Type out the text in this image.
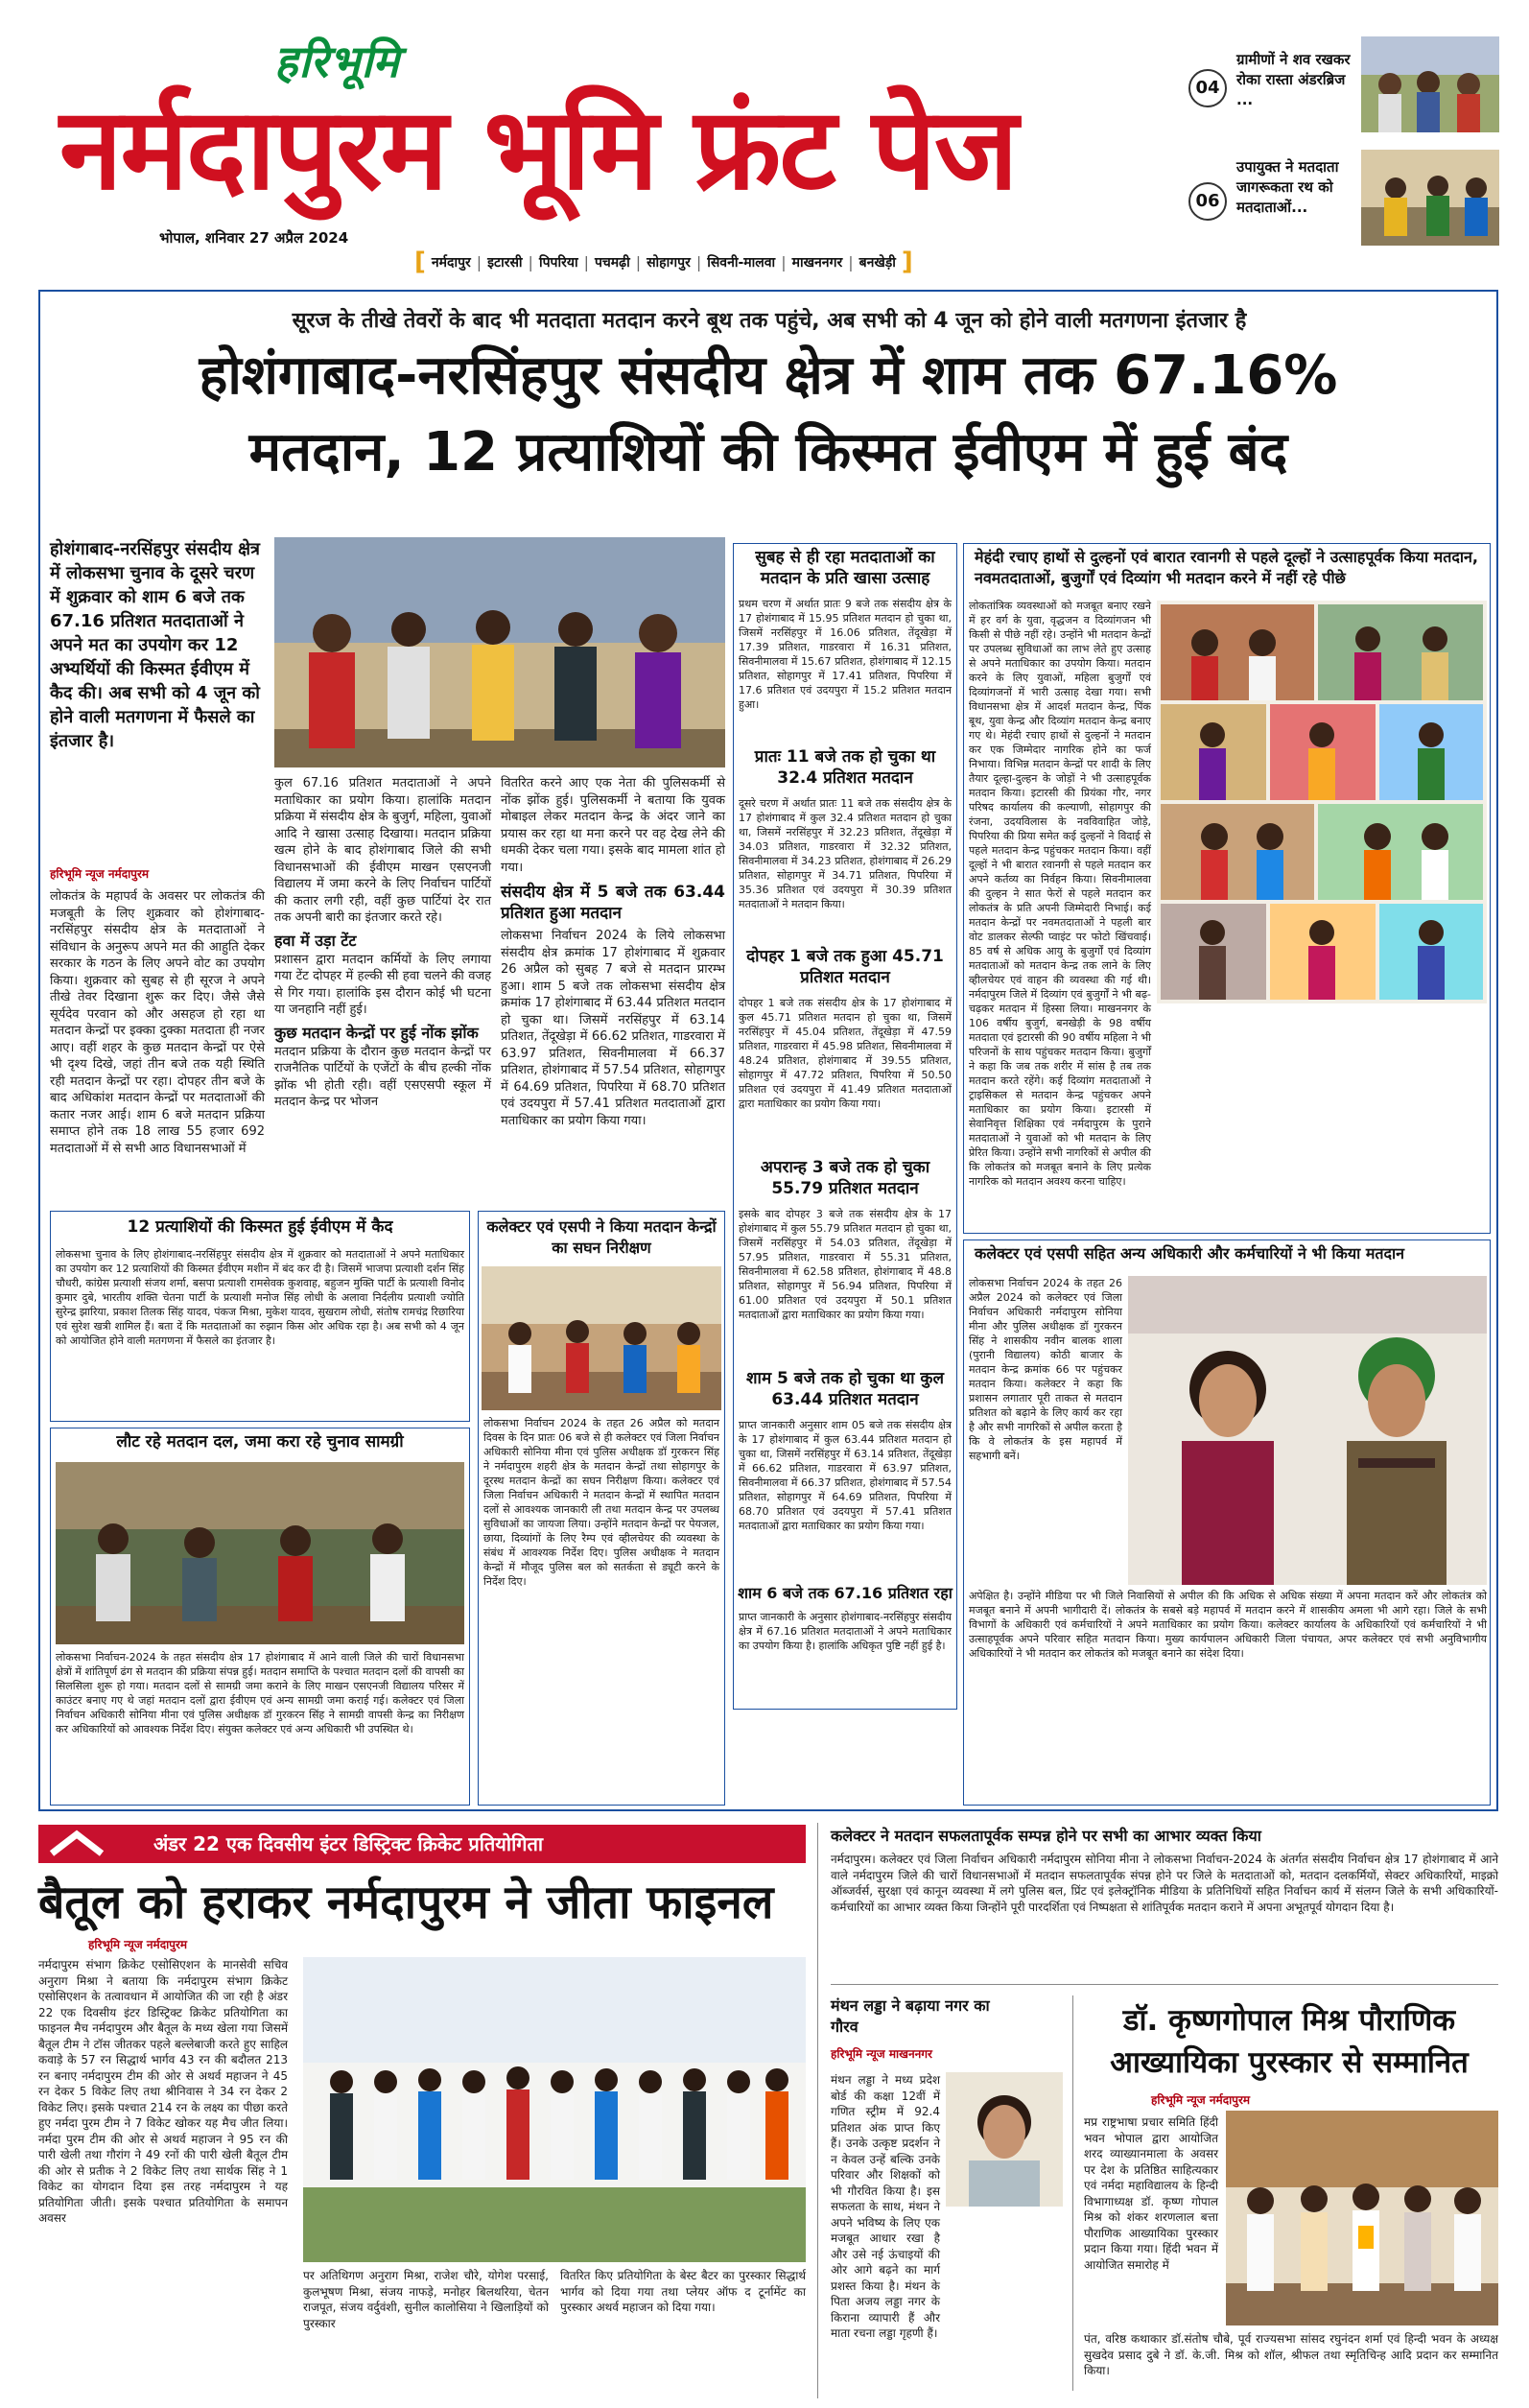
हरिभूमि
नर्मदापुरम भूमि फ्रंट पेज
भोपाल, शनिवार 27 अप्रैल 2024
04
ग्रामीणों ने शव रखकर रोका रास्ता अंडरब्रिज ...
06
उपायुक्त ने मतदाता जागरूकता रथ को मतदाताओं...
[ नर्मदापुर | इटारसी | पिपरिया | पचमढ़ी | सोहागपुर | सिवनी-मालवा | माखननगर | बनखेड़ी ]
सूरज के तीखे तेवरों के बाद भी मतदाता मतदान करने बूथ तक पहुंचे, अब सभी को 4 जून को होने वाली मतगणना इंतजार है
होशंगाबाद-नरसिंहपुर संसदीय क्षेत्र में शाम तक 67.16%
मतदान, 12 प्रत्याशियों की किस्मत ईवीएम में हुई बंद
होशंगाबाद-नरसिंहपुर संसदीय क्षेत्र में लोकसभा चुनाव के दूसरे चरण में शुक्रवार को शाम 6 बजे तक 67.16 प्रतिशत मतदाताओं ने अपने मत का उपयोग कर 12 अभ्यर्थियों की किस्मत ईवीएम में कैद की। अब सभी को 4 जून को होने वाली मतगणना में फैसले का इंतजार है।
हरिभूमि न्यूज नर्मदापुरम
लोकतंत्र के महापर्व के अवसर पर लोकतंत्र की मजबूती के लिए शुक्रवार को होशंगाबाद-नरसिंहपुर संसदीय क्षेत्र के मतदाताओं ने संविधान के अनुरूप अपने मत की आहुति देकर सरकार के गठन के लिए अपने वोट का उपयोग किया। शुक्रवार को सुबह से ही सूरज ने अपने तीखे तेवर दिखाना शुरू कर दिए। जैसे जैसे सूर्यदेव परवान को और असहज हो रहा था मतदान केन्द्रों पर इक्का दुक्का मतदाता ही नजर आए। वहीं शहर के कुछ मतदान केन्द्रों पर ऐसे भी दृश्य दिखे, जहां तीन बजे तक यही स्थिति रही मतदान केन्द्रों पर रहा। दोपहर तीन बजे के बाद अधिकांश मतदान केन्द्रों पर मतदाताओं की कतार नजर आई। शाम 6 बजे मतदान प्रक्रिया समाप्त होने तक 18 लाख 55 हजार 692 मतदाताओं में से सभी आठ विधानसभाओं में
कुल 67.16 प्रतिशत मतदाताओं ने अपने मताधिकार का प्रयोग किया। हालांकि मतदान प्रक्रिया में संसदीय क्षेत्र के बुजुर्ग, महिला, युवाओं आदि ने खासा उत्साह दिखाया। मतदान प्रक्रिया खत्म होने के बाद होशंगाबाद जिले की सभी विधानसभाओं की ईवीएम माखन एसएनजी विद्यालय में जमा करने के लिए निर्वाचन पार्टियों की कतार लगी रही, वहीं कुछ पार्टियां देर रात तक अपनी बारी का इंतजार करते रहे।
हवा में उड़ा टेंट
प्रशासन द्वारा मतदान कर्मियों के लिए लगाया गया टेंट दोपहर में हल्की सी हवा चलने की वजह से गिर गया। हालांकि इस दौरान कोई भी घटना या जनहानि नहीं हुई।
कुछ मतदान केन्द्रों पर हुई नोंक झोंक
मतदान प्रक्रिया के दौरान कुछ मतदान केन्द्रों पर राजनैतिक पार्टियों के एजेंटों के बीच हल्की नोंक झोंक भी होती रही। वहीं एसएसपी स्कूल में मतदान केन्द्र पर भोजन
वितरित करने आए एक नेता की पुलिसकर्मी से नोंक झोंक हुई। पुलिसकर्मी ने बताया कि युवक मोबाइल लेकर मतदान केन्द्र के अंदर जाने का प्रयास कर रहा था मना करने पर वह देख लेने की धमकी देकर चला गया। इसके बाद मामला शांत हो गया।
संसदीय क्षेत्र में 5 बजे तक 63.44 प्रतिशत हुआ मतदान
लोकसभा निर्वाचन 2024 के लिये लोकसभा संसदीय क्षेत्र क्रमांक 17 होशंगाबाद में शुक्रवार 26 अप्रैल को सुबह 7 बजे से मतदान प्रारम्भ हुआ। शाम 5 बजे तक लोकसभा संसदीय क्षेत्र क्रमांक 17 होशंगाबाद में 63.44 प्रतिशत मतदान हो चुका था। जिसमें नरसिंहपुर में 63.14 प्रतिशत, तेंदूखेड़ा में 66.62 प्रतिशत, गाडरवारा में 63.97 प्रतिशत, सिवनीमालवा में 66.37 प्रतिशत, होशंगाबाद में 57.54 प्रतिशत, सोहागपुर में 64.69 प्रतिशत, पिपरिया में 68.70 प्रतिशत एवं उदयपुरा में 57.41 प्रतिशत मतदाताओं द्वारा मताधिकार का प्रयोग किया गया।
सुबह से ही रहा मतदाताओं का मतदान के प्रति खासा उत्साह
प्रथम चरण में अर्थात प्रातः 9 बजे तक संसदीय क्षेत्र के 17 होशंगाबाद में 15.95 प्रतिशत मतदान हो चुका था, जिसमें नरसिंहपुर में 16.06 प्रतिशत, तेंदूखेड़ा में 17.39 प्रतिशत, गाडरवारा में 16.31 प्रतिशत, सिवनीमालवा में 15.67 प्रतिशत, होशंगाबाद में 12.15 प्रतिशत, सोहागपुर में 17.41 प्रतिशत, पिपरिया में 17.6 प्रतिशत एवं उदयपुरा में 15.2 प्रतिशत मतदान हुआ।
प्रातः 11 बजे तक हो चुका था 32.4 प्रतिशत मतदान
दूसरे चरण में अर्थात प्रातः 11 बजे तक संसदीय क्षेत्र के 17 होशंगाबाद में कुल 32.4 प्रतिशत मतदान हो चुका था, जिसमें नरसिंहपुर में 32.23 प्रतिशत, तेंदूखेड़ा में 34.03 प्रतिशत, गाडरवारा में 32.32 प्रतिशत, सिवनीमालवा में 34.23 प्रतिशत, होशंगाबाद में 26.29 प्रतिशत, सोहागपुर में 34.71 प्रतिशत, पिपरिया में 35.36 प्रतिशत एवं उदयपुरा में 30.39 प्रतिशत मतदाताओं ने मतदान किया।
दोपहर 1 बजे तक हुआ 45.71 प्रतिशत मतदान
दोपहर 1 बजे तक संसदीय क्षेत्र के 17 होशंगाबाद में कुल 45.71 प्रतिशत मतदान हो चुका था, जिसमें नरसिंहपुर में 45.04 प्रतिशत, तेंदूखेड़ा में 47.59 प्रतिशत, गाडरवारा में 45.98 प्रतिशत, सिवनीमालवा में 48.24 प्रतिशत, होशंगाबाद में 39.55 प्रतिशत, सोहागपुर में 47.72 प्रतिशत, पिपरिया में 50.50 प्रतिशत एवं उदयपुरा में 41.49 प्रतिशत मतदाताओं द्वारा मताधिकार का प्रयोग किया गया।
अपरान्ह 3 बजे तक हो चुका 55.79 प्रतिशत मतदान
इसके बाद दोपहर 3 बजे तक संसदीय क्षेत्र के 17 होशंगाबाद में कुल 55.79 प्रतिशत मतदान हो चुका था, जिसमें नरसिंहपुर में 54.03 प्रतिशत, तेंदूखेड़ा में 57.95 प्रतिशत, गाडरवारा में 55.31 प्रतिशत, सिवनीमालवा में 62.58 प्रतिशत, होशंगाबाद में 48.8 प्रतिशत, सोहागपुर में 56.94 प्रतिशत, पिपरिया में 61.00 प्रतिशत एवं उदयपुरा में 50.1 प्रतिशत मतदाताओं द्वारा मताधिकार का प्रयोग किया गया।
शाम 5 बजे तक हो चुका था कुल 63.44 प्रतिशत मतदान
प्राप्त जानकारी अनुसार शाम 05 बजे तक संसदीय क्षेत्र के 17 होशंगाबाद में कुल 63.44 प्रतिशत मतदान हो चुका था, जिसमें नरसिंहपुर में 63.14 प्रतिशत, तेंदूखेड़ा में 66.62 प्रतिशत, गाडरवारा में 63.97 प्रतिशत, सिवनीमालवा में 66.37 प्रतिशत, होशंगाबाद में 57.54 प्रतिशत, सोहागपुर में 64.69 प्रतिशत, पिपरिया में 68.70 प्रतिशत एवं उदयपुरा में 57.41 प्रतिशत मतदाताओं द्वारा मताधिकार का प्रयोग किया गया।
शाम 6 बजे तक 67.16 प्रतिशत रहा
प्राप्त जानकारी के अनुसार होशंगाबाद-नरसिंहपुर संसदीय क्षेत्र में 67.16 प्रतिशत मतदाताओं ने अपने मताधिकार का उपयोग किया है। हालांकि अधिकृत पुष्टि नहीं हुई है।
मेहंदी रचाए हाथों से दुल्हनों एवं बारात रवानगी से पहले दूल्हों ने उत्साहपूर्वक किया मतदान, नवमतदाताओं, बुजुर्गों एवं दिव्यांग भी मतदान करने में नहीं रहे पीछे
लोकतांत्रिक व्यवस्थाओं को मजबूत बनाए रखने में हर वर्ग के युवा, वृद्धजन व दिव्यांगजन भी किसी से पीछे नहीं रहे। उन्होंने भी मतदान केन्द्रों पर उपलब्ध सुविधाओं का लाभ लेते हुए उत्साह से अपने मताधिकार का उपयोग किया। मतदान करने के लिए युवाओं, महिला बुजुर्गों एवं दिव्यांगजनों में भारी उत्साह देखा गया। सभी विधानसभा क्षेत्र में आदर्श मतदान केन्द्र, पिंक बूथ, युवा केन्द्र और दिव्यांग मतदान केन्द्र बनाए गए थे। मेहंदी रचाए हाथों से दुल्हनों ने मतदान कर एक जिम्मेदार नागरिक होने का फर्ज निभाया। विभिन्न मतदान केन्द्रों पर शादी के लिए तैयार दूल्हा-दुल्हन के जोड़ों ने भी उत्साहपूर्वक मतदान किया। इटारसी की प्रियंका गौर, नगर परिषद कार्यालय की कल्याणी, सोहागपुर की रंजना, उदयविलास के नवविवाहित जोड़े, पिपरिया की प्रिया समेत कई दुल्हनों ने विदाई से पहले मतदान केन्द्र पहुंचकर मतदान किया। वहीं दूल्हों ने भी बारात रवानगी से पहले मतदान कर अपने कर्तव्य का निर्वहन किया। सिवनीमालवा की दुल्हन ने सात फेरों से पहले मतदान कर लोकतंत्र के प्रति अपनी जिम्मेदारी निभाई। कई मतदान केन्द्रों पर नवमतदाताओं ने पहली बार वोट डालकर सेल्फी प्वाइंट पर फोटो खिंचवाई। 85 वर्ष से अधिक आयु के बुजुर्गों एवं दिव्यांग मतदाताओं को मतदान केन्द्र तक लाने के लिए व्हीलचेयर एवं वाहन की व्यवस्था की गई थी। नर्मदापुरम जिले में दिव्यांग एवं बुजुर्गों ने भी बढ़-चढ़कर मतदान में हिस्सा लिया। माखननगर के 106 वर्षीय बुजुर्ग, बनखेड़ी के 98 वर्षीय मतदाता एवं इटारसी की 90 वर्षीय महिला ने भी परिजनों के साथ पहुंचकर मतदान किया। बुजुर्गों ने कहा कि जब तक शरीर में सांस है तब तक मतदान करते रहेंगे। कई दिव्यांग मतदाताओं ने ट्राइसिकल से मतदान केन्द्र पहुंचकर अपने मताधिकार का प्रयोग किया। इटारसी में सेवानिवृत्त शिक्षिका एवं नर्मदापुरम के पुराने मतदाताओं ने युवाओं को भी मतदान के लिए प्रेरित किया। उन्होंने सभी नागरिकों से अपील की कि लोकतंत्र को मजबूत बनाने के लिए प्रत्येक नागरिक को मतदान अवश्य करना चाहिए।
कलेक्टर एवं एसपी सहित अन्य अधिकारी और कर्मचारियों ने भी किया मतदान
लोकसभा निर्वाचन 2024 के तहत 26 अप्रैल 2024 को कलेक्टर एवं जिला निर्वाचन अधिकारी नर्मदापुरम सोनिया मीना और पुलिस अधीक्षक डॉ गुरकरन सिंह ने शासकीय नवीन बालक शाला (पुरानी विद्यालय) कोठी बाजार के मतदान केन्द्र क्रमांक 66 पर पहुंचकर मतदान किया। कलेक्टर ने कहा कि प्रशासन लगातार पूरी ताकत से मतदान प्रतिशत को बढ़ाने के लिए कार्य कर रहा है और सभी नागरिकों से अपील करता है कि वे लोकतंत्र के इस महापर्व में सहभागी बनें।
अपेक्षित है। उन्होंने मीडिया पर भी जिले निवासियों से अपील की कि अधिक से अधिक संख्या में अपना मतदान करें और लोकतंत्र को मजबूत बनाने में अपनी भागीदारी दें। लोकतंत्र के सबसे बड़े महापर्व में मतदान करने में शासकीय अमला भी आगे रहा। जिले के सभी विभागों के अधिकारी एवं कर्मचारियों ने अपने मताधिकार का प्रयोग किया। कलेक्टर कार्यालय के अधिकारियों एवं कर्मचारियों ने भी उत्साहपूर्वक अपने परिवार सहित मतदान किया। मुख्य कार्यपालन अधिकारी जिला पंचायत, अपर कलेक्टर एवं सभी अनुविभागीय अधिकारियों ने भी मतदान कर लोकतंत्र को मजबूत बनाने का संदेश दिया।
12 प्रत्याशियों की किस्मत हुई ईवीएम में कैद
लोकसभा चुनाव के लिए होशंगाबाद-नरसिंहपुर संसदीय क्षेत्र में शुक्रवार को मतदाताओं ने अपने मताधिकार का उपयोग कर 12 प्रत्याशियों की किस्मत ईवीएम मशीन में बंद कर दी है। जिसमें भाजपा प्रत्याशी दर्शन सिंह चौधरी, कांग्रेस प्रत्याशी संजय शर्मा, बसपा प्रत्याशी रामसेवक कुशवाह, बहुजन मुक्ति पार्टी के प्रत्याशी विनोद कुमार दुबे, भारतीय शक्ति चेतना पार्टी के प्रत्याशी मनोज सिंह लोधी के अलावा निर्दलीय प्रत्याशी ज्योति सुरेन्द्र झारिया, प्रकाश तिलक सिंह यादव, पंकज मिश्रा, मुकेश यादव, सुखराम लोधी, संतोष रामचंद्र रिछारिया एवं सुरेश खत्री शामिल हैं। बता दें कि मतदाताओं का रुझान किस ओर अधिक रहा है। अब सभी को 4 जून को आयोजित होने वाली मतगणना में फैसले का इंतजार है।
कलेक्टर एवं एसपी ने किया मतदान केन्द्रों का सघन निरीक्षण
लोकसभा निर्वाचन 2024 के तहत 26 अप्रैल को मतदान दिवस के दिन प्रातः 06 बजे से ही कलेक्टर एवं जिला निर्वाचन अधिकारी सोनिया मीना एवं पुलिस अधीक्षक डॉ गुरकरन सिंह ने नर्मदापुरम शहरी क्षेत्र के मतदान केन्द्रों तथा सोहागपुर के दूरस्थ मतदान केन्द्रों का सघन निरीक्षण किया। कलेक्टर एवं जिला निर्वाचन अधिकारी ने मतदान केन्द्रों में स्थापित मतदान दलों से आवश्यक जानकारी ली तथा मतदान केन्द्र पर उपलब्ध सुविधाओं का जायजा लिया। उन्होंने मतदान केन्द्रों पर पेयजल, छाया, दिव्यांगों के लिए रैम्प एवं व्हीलचेयर की व्यवस्था के संबंध में आवश्यक निर्देश दिए। पुलिस अधीक्षक ने मतदान केन्द्रों में मौजूद पुलिस बल को सतर्कता से ड्यूटी करने के निर्देश दिए।
लौट रहे मतदान दल, जमा करा रहे चुनाव सामग्री
लोकसभा निर्वाचन-2024 के तहत संसदीय क्षेत्र 17 होशंगाबाद में आने वाली जिले की चारों विधानसभा क्षेत्रों में शांतिपूर्ण ढंग से मतदान की प्रक्रिया संपन्न हुई। मतदान समाप्ति के पश्चात मतदान दलों की वापसी का सिलसिला शुरू हो गया। मतदान दलों से सामग्री जमा कराने के लिए माखन एसएनजी विद्यालय परिसर में काउंटर बनाए गए थे जहां मतदान दलों द्वारा ईवीएम एवं अन्य सामग्री जमा कराई गई। कलेक्टर एवं जिला निर्वाचन अधिकारी सोनिया मीना एवं पुलिस अधीक्षक डॉ गुरकरन सिंह ने सामग्री वापसी केन्द्र का निरीक्षण कर अधिकारियों को आवश्यक निर्देश दिए। संयुक्त कलेक्टर एवं अन्य अधिकारी भी उपस्थित थे।
अंडर 22 एक दिवसीय इंटर डिस्ट्रिक्ट क्रिकेट प्रतियोगिता
बैतूल को हराकर नर्मदापुरम ने जीता फाइनल
हरिभूमि न्यूज नर्मदापुरम
नर्मदापुरम संभाग क्रिकेट एसोसिएशन के मानसेवी सचिव अनुराग मिश्रा ने बताया कि नर्मदापुरम संभाग क्रिकेट एसोसिएशन के तत्वावधान में आयोजित की जा रही है अंडर 22 एक दिवसीय इंटर डिस्ट्रिक्ट क्रिकेट प्रतियोगिता का फाइनल मैच नर्मदापुरम और बैतूल के मध्य खेला गया जिसमें बैतूल टीम ने टॉस जीतकर पहले बल्लेबाजी करते हुए साहिल कवाड़े के 57 रन सिद्धार्थ भार्गव 43 रन की बदौलत 213 रन बनाए नर्मदापुरम टीम की ओर से अथर्व महाजन ने 45 रन देकर 5 विकेट लिए तथा श्रीनिवास ने 34 रन देकर 2 विकेट लिए। इसके पश्चात 214 रन के लक्ष्य का पीछा करते हुए नर्मदा पुरम टीम ने 7 विकेट खोकर यह मैच जीत लिया। नर्मदा पुरम टीम की ओर से अथर्व महाजन ने 95 रन की पारी खेली तथा गौरांग ने 49 रनों की पारी खेली बैतूल टीम की ओर से प्रतीक ने 2 विकेट लिए तथा सार्थक सिंह ने 1 विकेट का योगदान दिया इस तरह नर्मदापुरम ने यह प्रतियोगिता जीती। इसके पश्चात प्रतियोगिता के समापन अवसर
पर अतिथिगण अनुराग मिश्रा, राजेश चौरे, योगेश परसाई, कुलभूषण मिश्रा, संजय नाफड़े, मनोहर बिलथरिया, चेतन राजपूत, संजय वर्दुवंशी, सुनील कालोसिया ने खिलाड़ियों को पुरस्कार
वितरित किए प्रतियोगिता के बेस्ट बैटर का पुरस्कार सिद्धार्थ भार्गव को दिया गया तथा प्लेयर ऑफ द टूर्नामेंट का पुरस्कार अथर्व महाजन को दिया गया।
कलेक्टर ने मतदान सफलतापूर्वक सम्पन्न होने पर सभी का आभार व्यक्त किया
नर्मदापुरम। कलेक्टर एवं जिला निर्वाचन अधिकारी नर्मदापुरम सोनिया मीना ने लोकसभा निर्वाचन-2024 के अंतर्गत संसदीय निर्वाचन क्षेत्र 17 होशंगाबाद में आने वाले नर्मदापुरम जिले की चारों विधानसभाओं में मतदान सफलतापूर्वक संपन्न होने पर जिले के मतदाताओं को, मतदान दलकर्मियों, सेक्टर अधिकारियों, माइक्रो ऑब्जर्वर्स, सुरक्षा एवं कानून व्यवस्था में लगे पुलिस बल, प्रिंट एवं इलेक्ट्रॉनिक मीडिया के प्रतिनिधियों सहित निर्वाचन कार्य में संलग्न जिले के सभी अधिकारियों-कर्मचारियों का आभार व्यक्त किया जिन्होंने पूरी पारदर्शिता एवं निष्पक्षता से शांतिपूर्वक मतदान कराने में अपना अभूतपूर्व योगदान दिया है।
मंथन लड्डा ने बढ़ाया नगर का गौरव
हरिभूमि न्यूज माखननगर
मंथन लड्डा ने मध्य प्रदेश बोर्ड की कक्षा 12वीं में गणित स्ट्रीम में 92.4 प्रतिशत अंक प्राप्त किए हैं। उनके उत्कृष्ट प्रदर्शन ने न केवल उन्हें बल्कि उनके परिवार और शिक्षकों को भी गौरवित किया है। इस सफलता के साथ, मंथन ने अपने भविष्य के लिए एक मजबूत आधार रखा है और उसे नई ऊंचाइयों की ओर आगे बढ़ने का मार्ग प्रशस्त किया है। मंथन के पिता अजय लड्डा नगर के किराना व्यापारी हैं और माता रचना लड्डा गृहणी हैं।
डॉ. कृष्णगोपाल मिश्र पौराणिक
आख्यायिका पुरस्कार से सम्मानित
हरिभूमि न्यूज नर्मदापुरम
मप्र राष्ट्रभाषा प्रचार समिति हिंदी भवन भोपाल द्वारा आयोजित शरद व्याख्यानमाला के अवसर पर देश के प्रतिष्ठित साहित्यकार एवं नर्मदा महाविद्यालय के हिन्दी विभागाध्यक्ष डॉ. कृष्ण गोपाल मिश्र को शंकर शरणलाल बत्ता पौराणिक आख्यायिका पुरस्कार प्रदान किया गया। हिंदी भवन में आयोजित समारोह में
पंत, वरिष्ठ कथाकार डॉ.संतोष चौबे, पूर्व राज्यसभा सांसद रघुनंदन शर्मा एवं हिन्दी भवन के अध्यक्ष सुखदेव प्रसाद दुबे ने डॉ. के.जी. मिश्र को शॉल, श्रीफल तथा स्मृतिचिन्ह आदि प्रदान कर सम्मानित किया।
